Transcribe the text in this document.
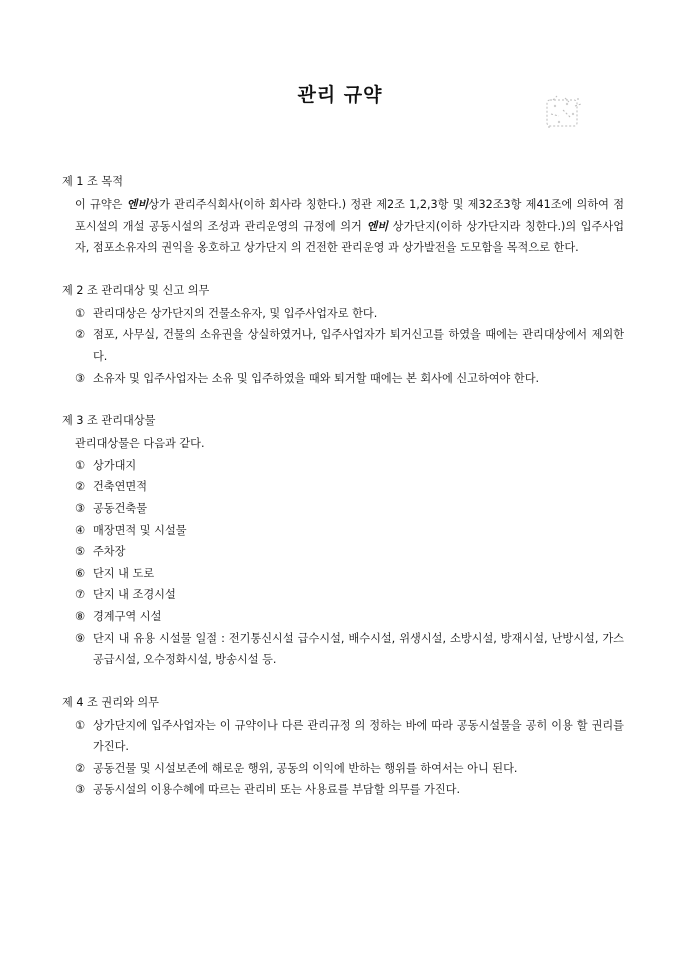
관리 규약
제 1 조 목적
이 규약은 엔비상가 관리주식회사(이하 회사라 칭한다.) 정관 제2조 1,2,3항 및 제32조3항 제41조에 의하여 점포시설의 개설 공동시설의 조성과 관리운영의 규정에 의거 엔비 상가단지(이하 상가단지라 칭한다.)의 입주사업자, 점포소유자의 권익을 옹호하고 상가단지 의 건전한 관리운영 과 상가발전을 도모함을 목적으로 한다.
제 2 조 관리대상 및 신고 의무
① 관리대상은 상가단지의 건물소유자, 및 입주사업자로 한다.
② 점포, 사무실, 건물의 소유권을 상실하였거나, 입주사업자가 퇴거신고를 하였을 때에는 관리대상에서 제외한다.
③ 소유자 및 입주사업자는 소유 및 입주하였을 때와 퇴거할 때에는 본 회사에 신고하여야 한다.
제 3 조 관리대상물
관리대상물은 다음과 같다.
① 상가대지
② 건축연면적
③ 공동건축물
④ 매장면적 및 시설물
⑤ 주차장
⑥ 단지 내 도로
⑦ 단지 내 조경시설
⑧ 경계구역 시설
⑨ 단지 내 유용 시설물 일절 : 전기통신시설 급수시설, 배수시설, 위생시설, 소방시설, 방재시설, 난방시설, 가스 공급시설, 오수정화시설, 방송시설 등.
제 4 조 권리와 의무
① 상가단지에 입주사업자는 이 규약이나 다른 관리규정 의 정하는 바에 따라 공동시설물을 공히 이용 할 권리를 가진다.
② 공동건물 및 시설보존에 해로운 행위, 공동의 이익에 반하는 행위를 하여서는 아니 된다.
③ 공동시설의 이용수혜에 따르는 관리비 또는 사용료를 부담할 의무를 가진다.
